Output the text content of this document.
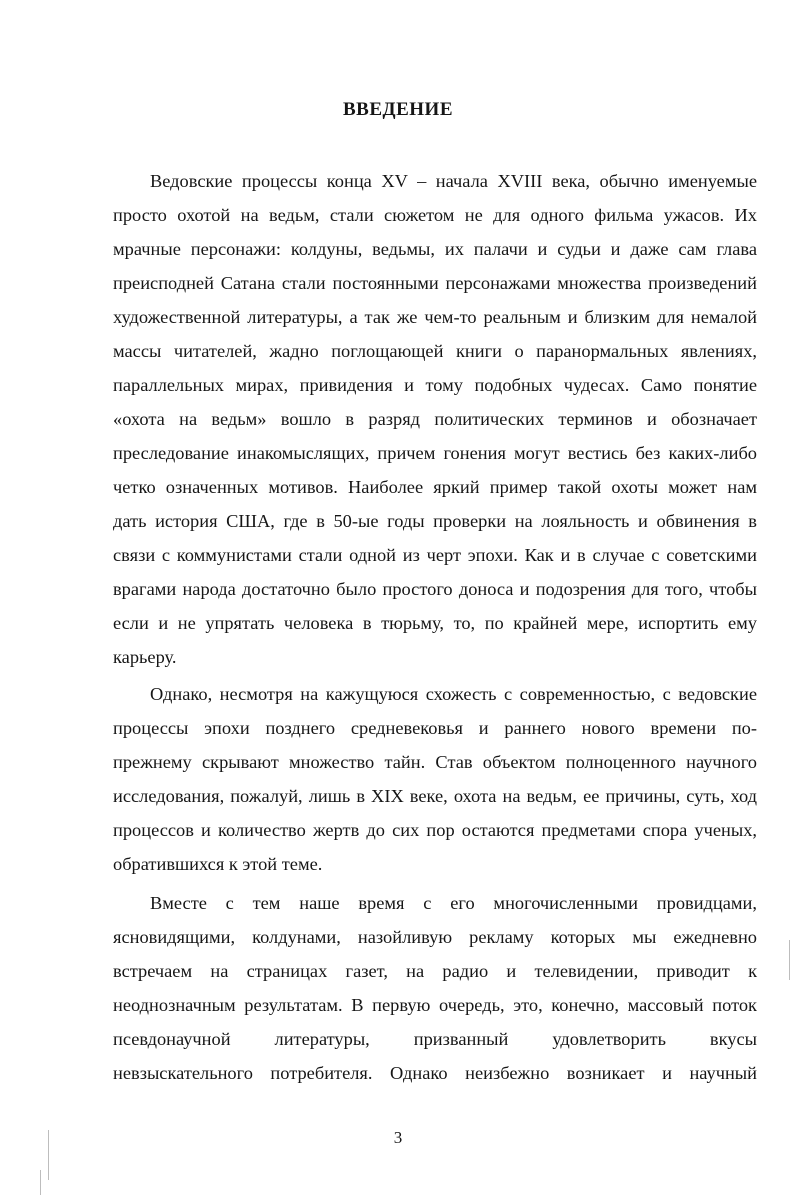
ВВЕДЕНИЕ
Ведовские процессы конца XV – начала XVIII века, обычно именуемые
просто охотой на ведьм, стали сюжетом не для одного фильма ужасов. Их
мрачные персонажи: колдуны, ведьмы, их палачи и судьи и даже сам глава
преисподней Сатана стали постоянными персонажами множества произведений
художественной литературы, а так же чем-то реальным и близким для немалой
массы читателей, жадно поглощающей книги о паранормальных явлениях,
параллельных мирах, привидения и тому подобных чудесах. Само понятие
«охота на ведьм» вошло в разряд политических терминов и обозначает
преследование инакомыслящих, причем гонения могут вестись без каких-либо
четко означенных мотивов. Наиболее яркий пример такой охоты может нам
дать история США, где в 50-ые годы проверки на лояльность и обвинения в
связи с коммунистами стали одной из черт эпохи. Как и в случае с советскими
врагами народа достаточно было простого доноса и подозрения для того, чтобы
если и не упрятать человека в тюрьму, то, по крайней мере, испортить ему
карьеру.
Однако, несмотря на кажущуюся схожесть с современностью, с ведовские
процессы эпохи позднего средневековья и раннего нового времени по-
прежнему скрывают множество тайн. Став объектом полноценного научного
исследования, пожалуй, лишь в XIX веке, охота на ведьм, ее причины, суть, ход
процессов и количество жертв до сих пор остаются предметами спора ученых,
обратившихся к этой теме.
Вместе с тем наше время с его многочисленными провидцами,
ясновидящими, колдунами, назойливую рекламу которых мы ежедневно
встречаем на страницах газет, на радио и телевидении, приводит к
неоднозначным результатам. В первую очередь, это, конечно, массовый поток
псевдонаучной литературы, призванный удовлетворить вкусы
невзыскательного потребителя. Однако неизбежно возникает и научный
3
